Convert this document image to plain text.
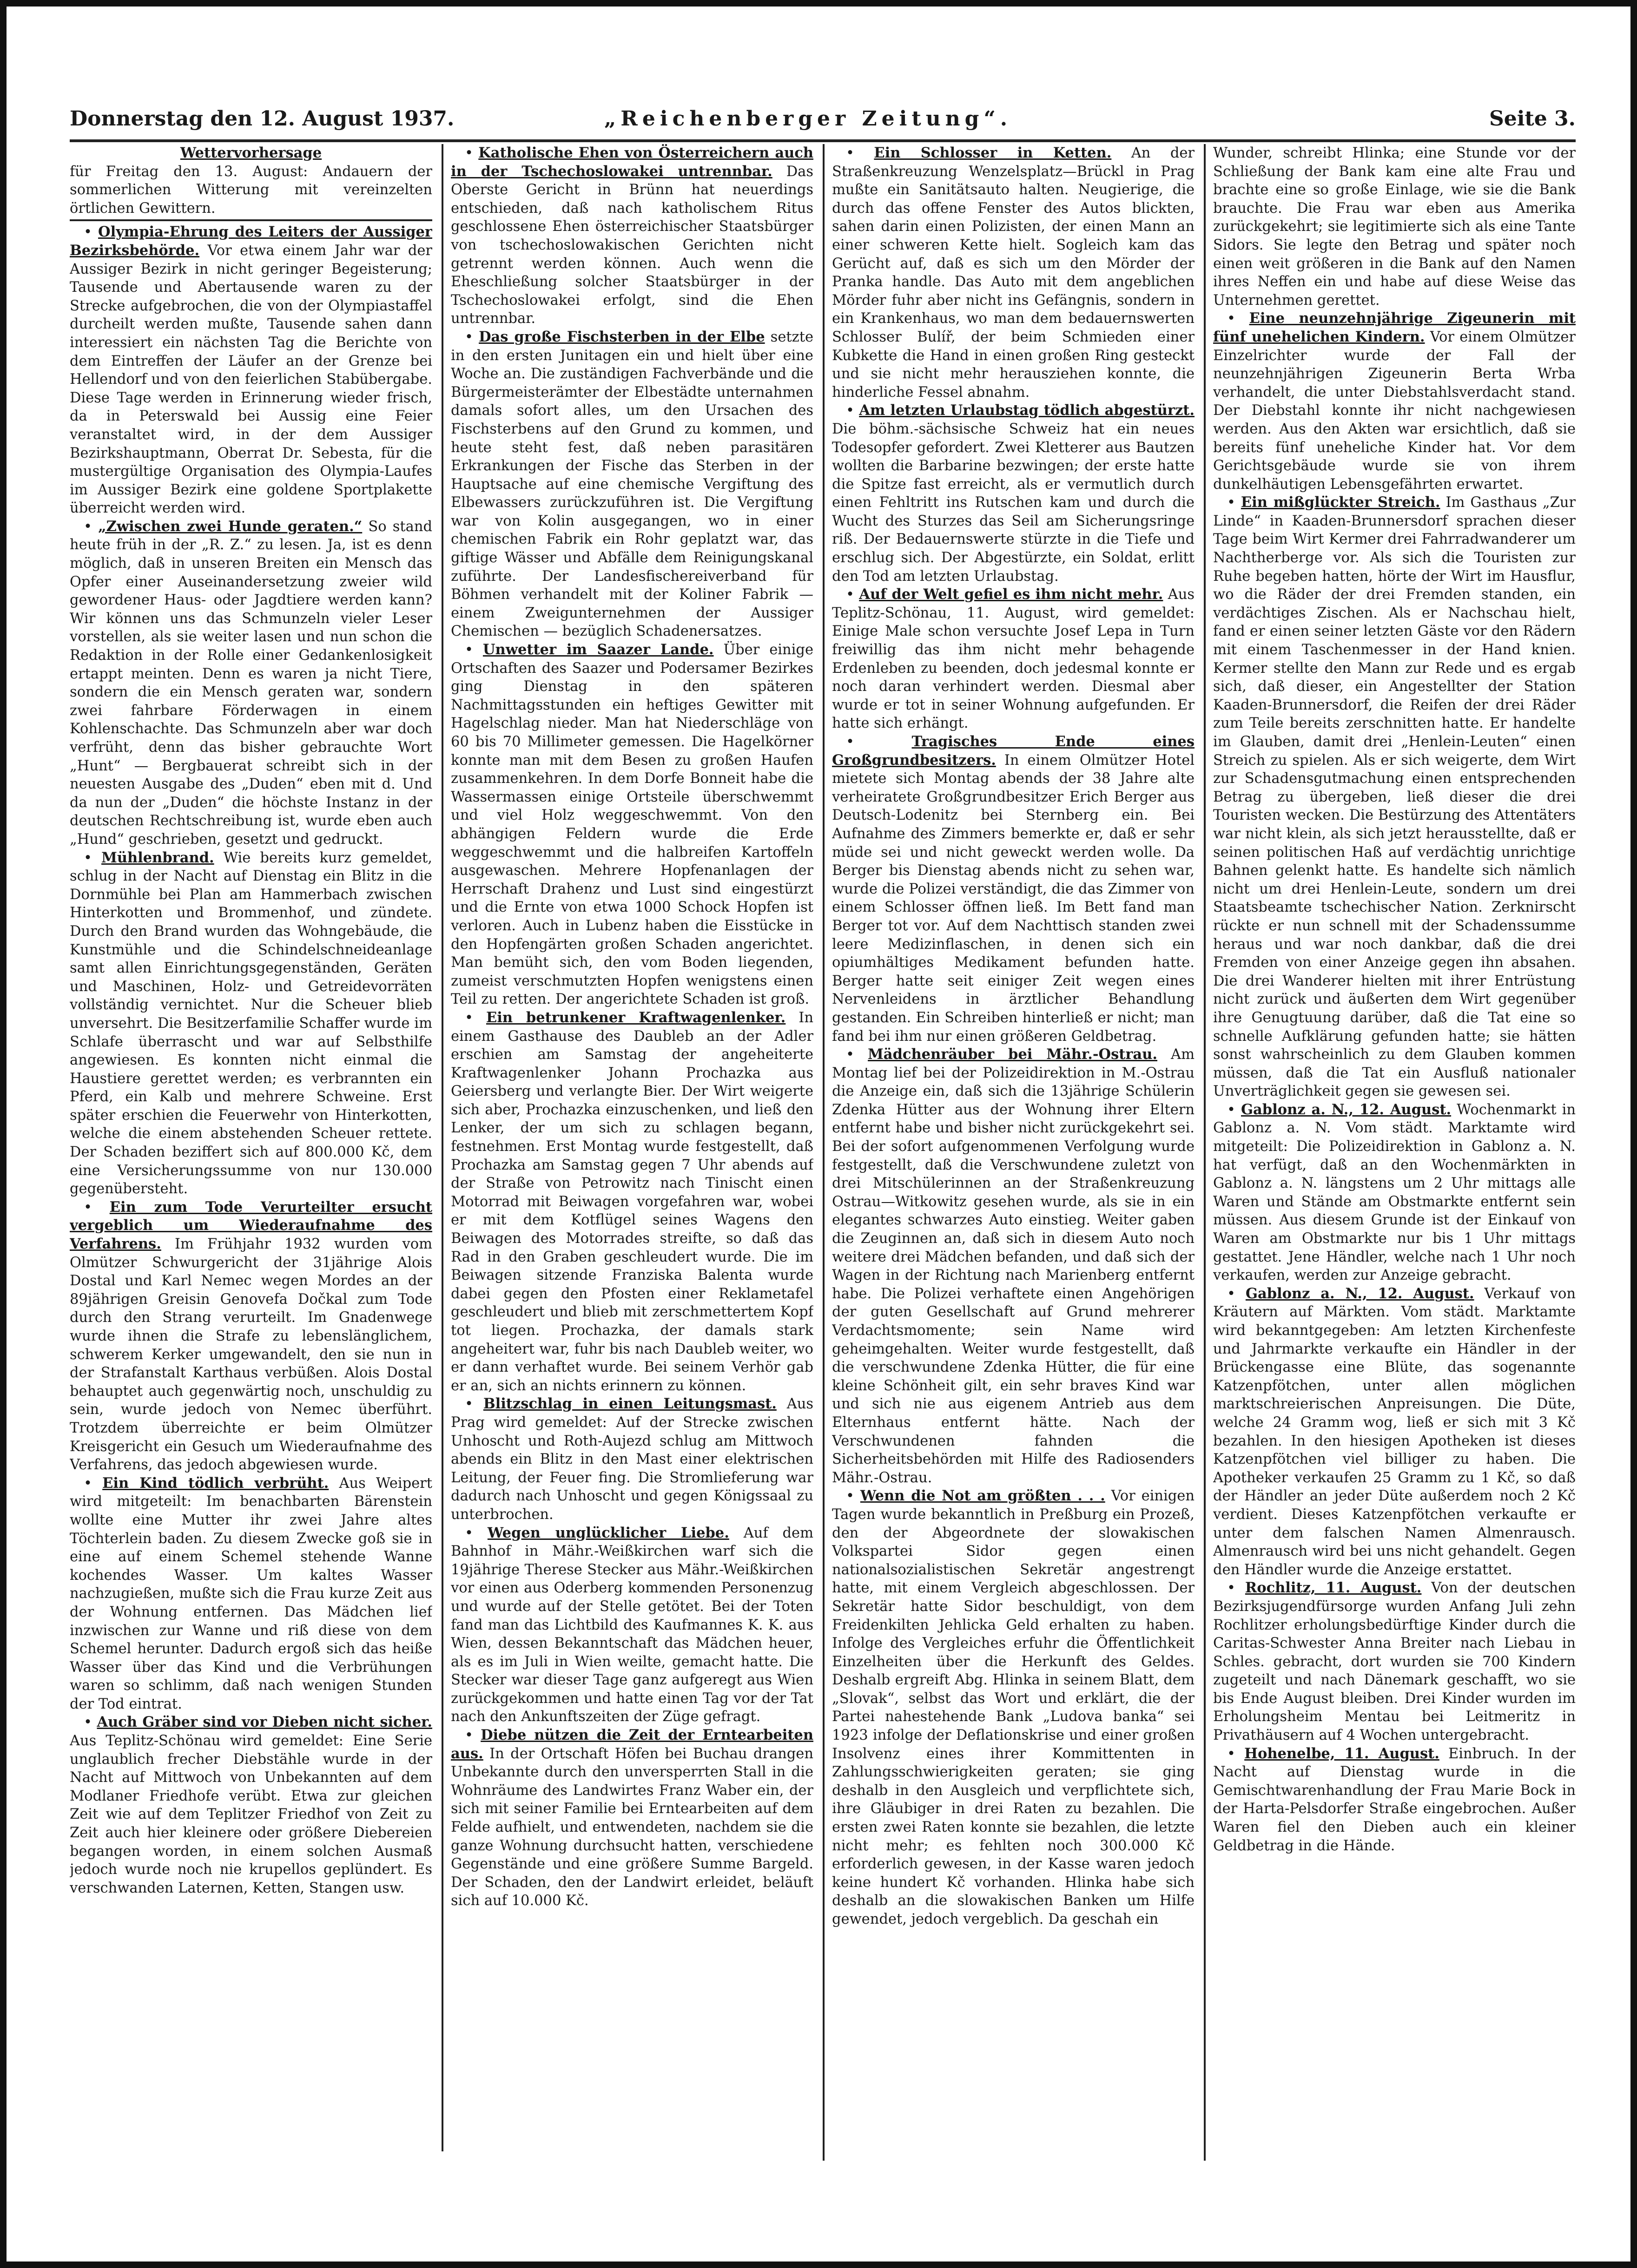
Donnerstag den 12. August 1937.	„Reichenberger Zeitung“.	Seite 3.

Wettervorhersage

für Freitag den 13. August: Andauern der sommerlichen Witterung mit vereinzelten örtlichen Gewittern.

• Olympia-Ehrung des Leiters der Aussiger Bezirksbehörde. Vor etwa einem Jahr war der Aussiger Bezirk in nicht geringer Begeisterung; Tausende und Abertausende waren zu der Strecke aufgebrochen, die von der Olympiastaffel durcheilt werden mußte, Tausende sahen dann interessiert ein nächsten Tag die Berichte von dem Eintreffen der Läufer an der Grenze bei Hellendorf und von den feierlichen Stabübergabe. Diese Tage werden in Erinnerung wieder frisch, da in Peterswald bei Aussig eine Feier veranstaltet wird, in der dem Aussiger Bezirkshauptmann, Oberrat Dr. Sebesta, für die mustergültige Organisation des Olympia-Laufes im Aussiger Bezirk eine goldene Sportplakette überreicht werden wird.

• „Zwischen zwei Hunde geraten.“ So stand heute früh in der „R. Z.“ zu lesen. Ja, ist es denn möglich, daß in unseren Breiten ein Mensch das Opfer einer Auseinandersetzung zweier wild gewordener Haus- oder Jagdtiere werden kann? Wir können uns das Schmunzeln vieler Leser vorstellen, als sie weiter lasen und nun schon die Redaktion in der Rolle einer Gedankenlosigkeit ertappt meinten. Denn es waren ja nicht Tiere, sondern die ein Mensch geraten war, sondern zwei fahrbare Förderwagen in einem Kohlenschachte. Das Schmunzeln aber war doch verfrüht, denn das bisher gebrauchte Wort „Hunt“ — Bergbauerat schreibt sich in der neuesten Ausgabe des „Duden“ eben mit d. Und da nun der „Duden“ die höchste Instanz in der deutschen Rechtschreibung ist, wurde eben auch „Hund“ geschrieben, gesetzt und gedruckt.

• Mühlenbrand. Wie bereits kurz gemeldet, schlug in der Nacht auf Dienstag ein Blitz in die Dornmühle bei Plan am Hammerbach zwischen Hinterkotten und Brommenhof, und zündete. Durch den Brand wurden das Wohngebäude, die Kunstmühle und die Schindelschneideanlage samt allen Einrichtungsgegenständen, Geräten und Maschinen, Holz- und Getreidevorräten vollständig vernichtet. Nur die Scheuer blieb unversehrt. Die Besitzerfamilie Schaffer wurde im Schlafe überrascht und war auf Selbsthilfe angewiesen. Es konnten nicht einmal die Haustiere gerettet werden; es verbrannten ein Pferd, ein Kalb und mehrere Schweine. Erst später erschien die Feuerwehr von Hinterkotten, welche die einem abstehenden Scheuer rettete. Der Schaden beziffert sich auf 800.000 Kč, dem eine Versicherungssumme von nur 130.000 gegenübersteht.

• Ein zum Tode Verurteilter ersucht vergeblich um Wiederaufnahme des Verfahrens. Im Frühjahr 1932 wurden vom Olmützer Schwurgericht der 31jährige Alois Dostal und Karl Nemec wegen Mordes an der 89jährigen Greisin Genovefa Dočkal zum Tode durch den Strang verurteilt. Im Gnadenwege wurde ihnen die Strafe zu lebenslänglichem, schwerem Kerker umgewandelt, den sie nun in der Strafanstalt Karthaus verbüßen. Alois Dostal behauptet auch gegenwärtig noch, unschuldig zu sein, wurde jedoch von Nemec überführt. Trotzdem überreichte er beim Olmützer Kreisgericht ein Gesuch um Wiederaufnahme des Verfahrens, das jedoch abgewiesen wurde.

• Ein Kind tödlich verbrüht. Aus Weipert wird mitgeteilt: Im benachbarten Bärenstein wollte eine Mutter ihr zwei Jahre altes Töchterlein baden. Zu diesem Zwecke goß sie in eine auf einem Schemel stehende Wanne kochendes Wasser. Um kaltes Wasser nachzugießen, mußte sich die Frau kurze Zeit aus der Wohnung entfernen. Das Mädchen lief inzwischen zur Wanne und riß diese von dem Schemel herunter. Dadurch ergoß sich das heiße Wasser über das Kind und die Verbrühungen waren so schlimm, daß nach wenigen Stunden der Tod eintrat.

• Auch Gräber sind vor Dieben nicht sicher. Aus Teplitz-Schönau wird gemeldet: Eine Serie unglaublich frecher Diebstähle wurde in der Nacht auf Mittwoch von Unbekannten auf dem Modlaner Friedhofe verübt. Etwa zur gleichen Zeit wie auf dem Teplitzer Friedhof von Zeit zu Zeit auch hier kleinere oder größere Diebereien begangen worden, in einem solchen Ausmaß jedoch wurde noch nie krupellos geplündert. Es verschwanden Laternen, Ketten, Stangen usw.

• Katholische Ehen von Österreichern auch in der Tschechoslowakei untrennbar. Das Oberste Gericht in Brünn hat neuerdings entschieden, daß nach katholischem Ritus geschlossene Ehen österreichischer Staatsbürger von tschechoslowakischen Gerichten nicht getrennt werden können. Auch wenn die Eheschließung solcher Staatsbürger in der Tschechoslowakei erfolgt, sind die Ehen untrennbar.

• Das große Fischsterben in der Elbe setzte in den ersten Junitagen ein und hielt über eine Woche an. Die zuständigen Fachverbände und die Bürgermeisterämter der Elbestädte unternahmen damals sofort alles, um den Ursachen des Fischsterbens auf den Grund zu kommen, und heute steht fest, daß neben parasitären Erkrankungen der Fische das Sterben in der Hauptsache auf eine chemische Vergiftung des Elbewassers zurückzuführen ist. Die Vergiftung war von Kolin ausgegangen, wo in einer chemischen Fabrik ein Rohr geplatzt war, das giftige Wässer und Abfälle dem Reinigungskanal zuführte. Der Landesfischereiverband für Böhmen verhandelt mit der Koliner Fabrik — einem Zweigunternehmen der Aussiger Chemischen — bezüglich Schadenersatzes.

• Unwetter im Saazer Lande. Über einige Ortschaften des Saazer und Podersamer Bezirkes ging Dienstag in den späteren Nachmittagsstunden ein heftiges Gewitter mit Hagelschlag nieder. Man hat Niederschläge von 60 bis 70 Millimeter gemessen. Die Hagelkörner konnte man mit dem Besen zu großen Haufen zusammenkehren. In dem Dorfe Bonneit habe die Wassermassen einige Ortsteile überschwemmt und viel Holz weggeschwemmt. Von den abhängigen Feldern wurde die Erde weggeschwemmt und die halbreifen Kartoffeln ausgewaschen. Mehrere Hopfenanlagen der Herrschaft Drahenz und Lust sind eingestürzt und die Ernte von etwa 1000 Schock Hopfen ist verloren. Auch in Lubenz haben die Eisstücke in den Hopfengärten großen Schaden angerichtet. Man bemüht sich, den vom Boden liegenden, zumeist verschmutzten Hopfen wenigstens einen Teil zu retten. Der angerichtete Schaden ist groß.

• Ein betrunkener Kraftwagenlenker. In einem Gasthause des Daubleb an der Adler erschien am Samstag der angeheiterte Kraftwagenlenker Johann Prochazka aus Geiersberg und verlangte Bier. Der Wirt weigerte sich aber, Prochazka einzuschenken, und ließ den Lenker, der um sich zu schlagen begann, festnehmen. Erst Montag wurde festgestellt, daß Prochazka am Samstag gegen 7 Uhr abends auf der Straße von Petrowitz nach Tinischt einen Motorrad mit Beiwagen vorgefahren war, wobei er mit dem Kotflügel seines Wagens den Beiwagen des Motorrades streifte, so daß das Rad in den Graben geschleudert wurde. Die im Beiwagen sitzende Franziska Balenta wurde dabei gegen den Pfosten einer Reklametafel geschleudert und blieb mit zerschmettertem Kopf tot liegen. Prochazka, der damals stark angeheitert war, fuhr bis nach Daubleb weiter, wo er dann verhaftet wurde. Bei seinem Verhör gab er an, sich an nichts erinnern zu können.

• Blitzschlag in einen Leitungsmast. Aus Prag wird gemeldet: Auf der Strecke zwischen Unhoscht und Roth-Aujezd schlug am Mittwoch abends ein Blitz in den Mast einer elektrischen Leitung, der Feuer fing. Die Stromlieferung war dadurch nach Unhoscht und gegen Königssaal zu unterbrochen.

• Wegen unglücklicher Liebe. Auf dem Bahnhof in Mähr.-Weißkirchen warf sich die 19jährige Therese Stecker aus Mähr.-Weißkirchen vor einen aus Oderberg kommenden Personenzug und wurde auf der Stelle getötet. Bei der Toten fand man das Lichtbild des Kaufmannes K. K. aus Wien, dessen Bekanntschaft das Mädchen heuer, als es im Juli in Wien weilte, gemacht hatte. Die Stecker war dieser Tage ganz aufgeregt aus Wien zurückgekommen und hatte einen Tag vor der Tat nach den Ankunftszeiten der Züge gefragt.

• Diebe nützen die Zeit der Erntearbeiten aus. In der Ortschaft Höfen bei Buchau drangen Unbekannte durch den unversperrten Stall in die Wohnräume des Landwirtes Franz Waber ein, der sich mit seiner Familie bei Erntearbeiten auf dem Felde aufhielt, und entwendeten, nachdem sie die ganze Wohnung durchsucht hatten, verschiedene Gegenstände und eine größere Summe Bargeld. Der Schaden, den der Landwirt erleidet, beläuft sich auf 10.000 Kč.

• Ein Schlosser in Ketten. An der Straßenkreuzung Wenzelsplatz—Brückl in Prag mußte ein Sanitätsauto halten. Neugierige, die durch das offene Fenster des Autos blickten, sahen darin einen Polizisten, der einen Mann an einer schweren Kette hielt. Sogleich kam das Gerücht auf, daß es sich um den Mörder der Pranka handle. Das Auto mit dem angeblichen Mörder fuhr aber nicht ins Gefängnis, sondern in ein Krankenhaus, wo man dem bedauernswerten Schlosser Bulíř, der beim Schmieden einer Kubkette die Hand in einen großen Ring gesteckt und sie nicht mehr herausziehen konnte, die hinderliche Fessel abnahm.

• Am letzten Urlaubstag tödlich abgestürzt. Die böhm.-sächsische Schweiz hat ein neues Todesopfer gefordert. Zwei Kletterer aus Bautzen wollten die Barbarine bezwingen; der erste hatte die Spitze fast erreicht, als er vermutlich durch einen Fehltritt ins Rutschen kam und durch die Wucht des Sturzes das Seil am Sicherungsringe riß. Der Bedauernswerte stürzte in die Tiefe und erschlug sich. Der Abgestürzte, ein Soldat, erlitt den Tod am letzten Urlaubstag.

• Auf der Welt gefiel es ihm nicht mehr. Aus Teplitz-Schönau, 11. August, wird gemeldet: Einige Male schon versuchte Josef Lepa in Turn freiwillig das ihm nicht mehr behagende Erdenleben zu beenden, doch jedesmal konnte er noch daran verhindert werden. Diesmal aber wurde er tot in seiner Wohnung aufgefunden. Er hatte sich erhängt.

• Tragisches Ende eines Großgrundbesitzers. In einem Olmützer Hotel mietete sich Montag abends der 38 Jahre alte verheiratete Großgrundbesitzer Erich Berger aus Deutsch-Lodenitz bei Sternberg ein. Bei Aufnahme des Zimmers bemerkte er, daß er sehr müde sei und nicht geweckt werden wolle. Da Berger bis Dienstag abends nicht zu sehen war, wurde die Polizei verständigt, die das Zimmer von einem Schlosser öffnen ließ. Im Bett fand man Berger tot vor. Auf dem Nachttisch standen zwei leere Medizinflaschen, in denen sich ein opiumhältiges Medikament befunden hatte. Berger hatte seit einiger Zeit wegen eines Nervenleidens in ärztlicher Behandlung gestanden. Ein Schreiben hinterließ er nicht; man fand bei ihm nur einen größeren Geldbetrag.

• Mädchenräuber bei Mähr.-Ostrau. Am Montag lief bei der Polizeidirektion in M.-Ostrau die Anzeige ein, daß sich die 13jährige Schülerin Zdenka Hütter aus der Wohnung ihrer Eltern entfernt habe und bisher nicht zurückgekehrt sei. Bei der sofort aufgenommenen Verfolgung wurde festgestellt, daß die Verschwundene zuletzt von drei Mitschülerinnen an der Straßenkreuzung Ostrau—Witkowitz gesehen wurde, als sie in ein elegantes schwarzes Auto einstieg. Weiter gaben die Zeuginnen an, daß sich in diesem Auto noch weitere drei Mädchen befanden, und daß sich der Wagen in der Richtung nach Marienberg entfernt habe. Die Polizei verhaftete einen Angehörigen der guten Gesellschaft auf Grund mehrerer Verdachtsmomente; sein Name wird geheimgehalten. Weiter wurde festgestellt, daß die verschwundene Zdenka Hütter, die für eine kleine Schönheit gilt, ein sehr braves Kind war und sich nie aus eigenem Antrieb aus dem Elternhaus entfernt hätte. Nach der Verschwundenen fahnden die Sicherheitsbehörden mit Hilfe des Radiosenders Mähr.-Ostrau.

• Wenn die Not am größten . . . Vor einigen Tagen wurde bekanntlich in Preßburg ein Prozeß, den der Abgeordnete der slowakischen Volkspartei Sidor gegen einen nationalsozialistischen Sekretär angestrengt hatte, mit einem Vergleich abgeschlossen. Der Sekretär hatte Sidor beschuldigt, von dem Freidenkilten Jehlicka Geld erhalten zu haben. Infolge des Vergleiches erfuhr die Öffentlichkeit Einzelheiten über die Herkunft des Geldes. Deshalb ergreift Abg. Hlinka in seinem Blatt, dem „Slovak“, selbst das Wort und erklärt, die der Partei nahestehende Bank „Ludova banka“ sei 1923 infolge der Deflationskrise und einer großen Insolvenz eines ihrer Kommittenten in Zahlungsschwierigkeiten geraten; sie ging deshalb in den Ausgleich und verpflichtete sich, ihre Gläubiger in drei Raten zu bezahlen. Die ersten zwei Raten konnte sie bezahlen, die letzte nicht mehr; es fehlten noch 300.000 Kč erforderlich gewesen, in der Kasse waren jedoch keine hundert Kč vorhanden. Hlinka habe sich deshalb an die slowakischen Banken um Hilfe gewendet, jedoch vergeblich. Da geschah ein

Wunder, schreibt Hlinka; eine Stunde vor der Schließung der Bank kam eine alte Frau und brachte eine so große Einlage, wie sie die Bank brauchte. Die Frau war eben aus Amerika zurückgekehrt; sie legitimierte sich als eine Tante Sidors. Sie legte den Betrag und später noch einen weit größeren in die Bank auf den Namen ihres Neffen ein und habe auf diese Weise das Unternehmen gerettet.

• Eine neunzehnjährige Zigeunerin mit fünf unehelichen Kindern. Vor einem Olmützer Einzelrichter wurde der Fall der neunzehnjährigen Zigeunerin Berta Wrba verhandelt, die unter Diebstahlsverdacht stand. Der Diebstahl konnte ihr nicht nachgewiesen werden. Aus den Akten war ersichtlich, daß sie bereits fünf uneheliche Kinder hat. Vor dem Gerichtsgebäude wurde sie von ihrem dunkelhäutigen Lebensgefährten erwartet.

• Ein mißglückter Streich. Im Gasthaus „Zur Linde“ in Kaaden-Brunnersdorf sprachen dieser Tage beim Wirt Kermer drei Fahrradwanderer um Nachtherberge vor. Als sich die Touristen zur Ruhe begeben hatten, hörte der Wirt im Hausflur, wo die Räder der drei Fremden standen, ein verdächtiges Zischen. Als er Nachschau hielt, fand er einen seiner letzten Gäste vor den Rädern mit einem Taschenmesser in der Hand knien. Kermer stellte den Mann zur Rede und es ergab sich, daß dieser, ein Angestellter der Station Kaaden-Brunnersdorf, die Reifen der drei Räder zum Teile bereits zerschnitten hatte. Er handelte im Glauben, damit drei „Henlein-Leuten“ einen Streich zu spielen. Als er sich weigerte, dem Wirt zur Schadensgutmachung einen entsprechenden Betrag zu übergeben, ließ dieser die drei Touristen wecken. Die Bestürzung des Attentäters war nicht klein, als sich jetzt herausstellte, daß er seinen politischen Haß auf verdächtig unrichtige Bahnen gelenkt hatte. Es handelte sich nämlich nicht um drei Henlein-Leute, sondern um drei Staatsbeamte tschechischer Nation. Zerknirscht rückte er nun schnell mit der Schadenssumme heraus und war noch dankbar, daß die drei Fremden von einer Anzeige gegen ihn absahen. Die drei Wanderer hielten mit ihrer Entrüstung nicht zurück und äußerten dem Wirt gegenüber ihre Genugtuung darüber, daß die Tat eine so schnelle Aufklärung gefunden hatte; sie hätten sonst wahrscheinlich zu dem Glauben kommen müssen, daß die Tat ein Ausfluß nationaler Unverträglichkeit gegen sie gewesen sei.

• Gablonz a. N., 12. August. Wochenmarkt in Gablonz a. N. Vom städt. Marktamte wird mitgeteilt: Die Polizeidirektion in Gablonz a. N. hat verfügt, daß an den Wochenmärkten in Gablonz a. N. längstens um 2 Uhr mittags alle Waren und Stände am Obstmarkte entfernt sein müssen. Aus diesem Grunde ist der Einkauf von Waren am Obstmarkte nur bis 1 Uhr mittags gestattet. Jene Händler, welche nach 1 Uhr noch verkaufen, werden zur Anzeige gebracht.

• Gablonz a. N., 12. August. Verkauf von Kräutern auf Märkten. Vom städt. Marktamte wird bekanntgegeben: Am letzten Kirchenfeste und Jahrmarkte verkaufte ein Händler in der Brückengasse eine Blüte, das sogenannte Katzenpfötchen, unter allen möglichen marktschreierischen Anpreisungen. Die Düte, welche 24 Gramm wog, ließ er sich mit 3 Kč bezahlen. In den hiesigen Apotheken ist dieses Katzenpfötchen viel billiger zu haben. Die Apotheker verkaufen 25 Gramm zu 1 Kč, so daß der Händler an jeder Düte außerdem noch 2 Kč verdient. Dieses Katzenpfötchen verkaufte er unter dem falschen Namen Almenrausch. Almenrausch wird bei uns nicht gehandelt. Gegen den Händler wurde die Anzeige erstattet.

• Rochlitz, 11. August. Von der deutschen Bezirksjugendfürsorge wurden Anfang Juli zehn Rochlitzer erholungsbedürftige Kinder durch die Caritas-Schwester Anna Breiter nach Liebau in Schles. gebracht, dort wurden sie 700 Kindern zugeteilt und nach Dänemark geschafft, wo sie bis Ende August bleiben. Drei Kinder wurden im Erholungsheim Mentau bei Leitmeritz in Privathäusern auf 4 Wochen untergebracht.

• Hohenelbe, 11. August. Einbruch. In der Nacht auf Dienstag wurde in die Gemischtwarenhandlung der Frau Marie Bock in der Harta-Pelsdorfer Straße eingebrochen. Außer Waren fiel den Dieben auch ein kleiner Geldbetrag in die Hände.
